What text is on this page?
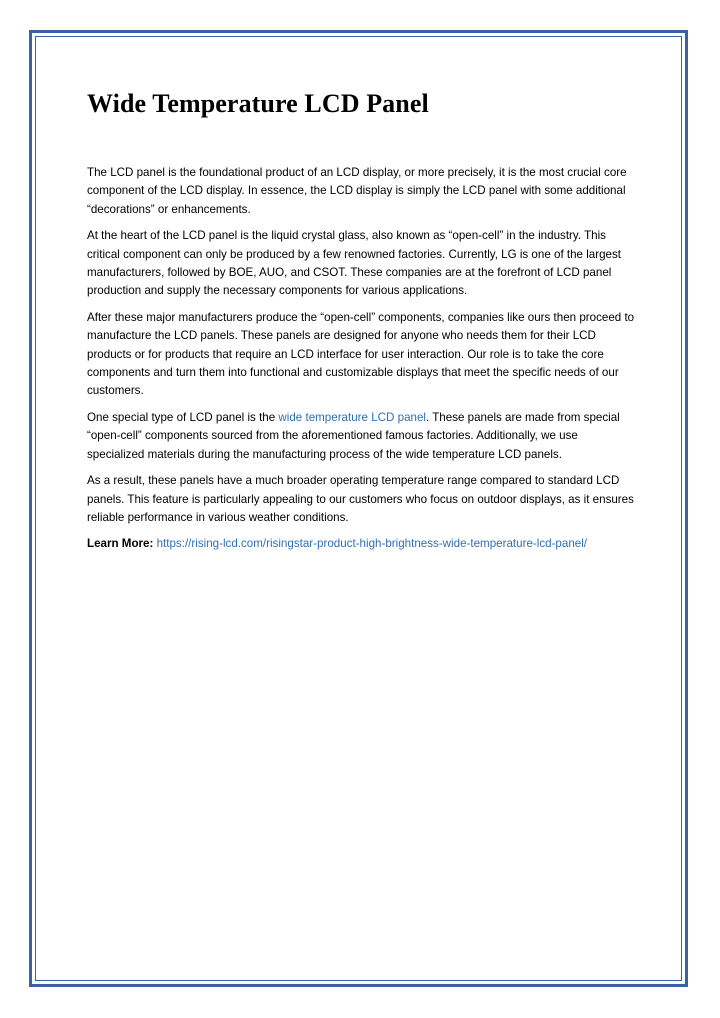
Wide Temperature LCD Panel

The LCD panel is the foundational product of an LCD display, or more precisely, it is the most crucial core component of the LCD display. In essence, the LCD display is simply the LCD panel with some additional “decorations” or enhancements.

At the heart of the LCD panel is the liquid crystal glass, also known as “open-cell” in the industry. This critical component can only be produced by a few renowned factories. Currently, LG is one of the largest manufacturers, followed by BOE, AUO, and CSOT. These companies are at the forefront of LCD panel production and supply the necessary components for various applications.

After these major manufacturers produce the “open-cell” components, companies like ours then proceed to manufacture the LCD panels. These panels are designed for anyone who needs them for their LCD products or for products that require an LCD interface for user interaction. Our role is to take the core components and turn them into functional and customizable displays that meet the specific needs of our customers.

One special type of LCD panel is the wide temperature LCD panel. These panels are made from special “open-cell” components sourced from the aforementioned famous factories. Additionally, we use specialized materials during the manufacturing process of the wide temperature LCD panels.

As a result, these panels have a much broader operating temperature range compared to standard LCD panels. This feature is particularly appealing to our customers who focus on outdoor displays, as it ensures reliable performance in various weather conditions.

Learn More: https://rising-lcd.com/risingstar-product-high-brightness-wide-temperature-lcd-panel/
